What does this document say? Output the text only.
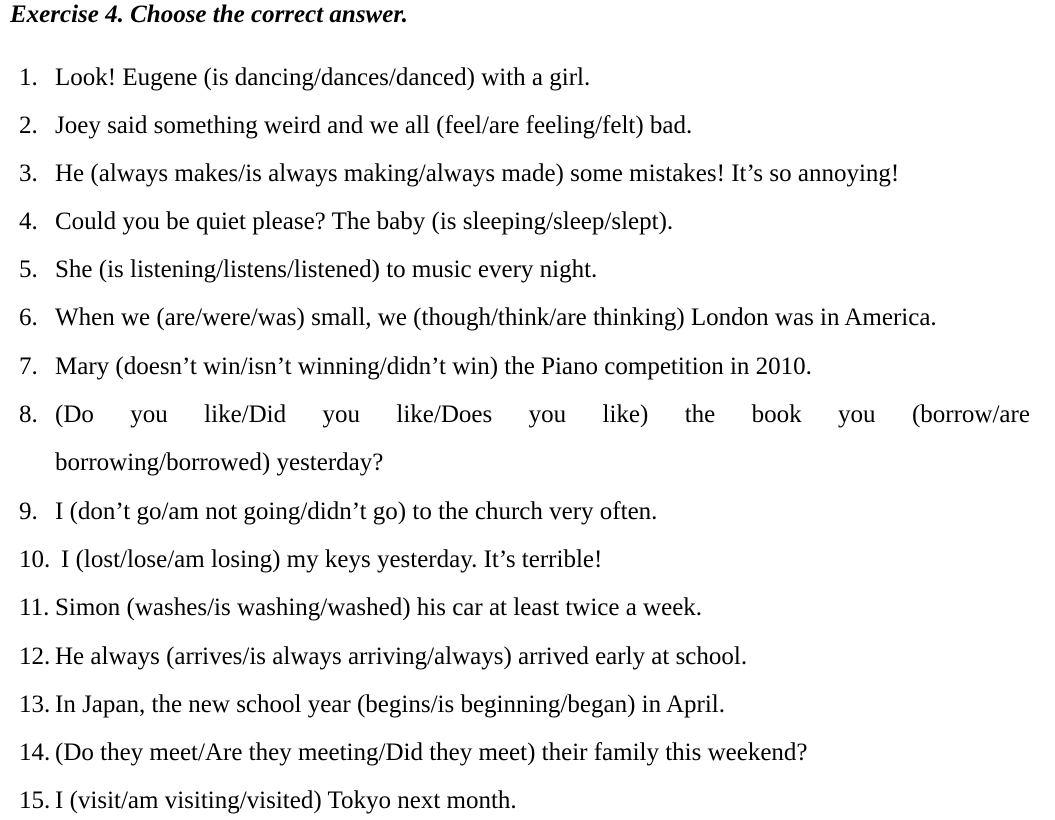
Exercise 4. Choose the correct answer.
1. Look! Eugene (is dancing/dances/danced) with a girl.
2. Joey said something weird and we all (feel/are feeling/felt) bad.
3. He (always makes/is always making/always made) some mistakes! It’s so annoying!
4. Could you be quiet please? The baby (is sleeping/sleep/slept).
5. She (is listening/listens/listened) to music every night.
6. When we (are/were/was) small, we (though/think/are thinking) London was in America.
7. Mary (doesn’t win/isn’t winning/didn’t win) the Piano competition in 2010.
8. (Do you like/Did you like/Does you like) the book you (borrow/are
borrowing/borrowed) yesterday?
9. I (don’t go/am not going/didn’t go) to the church very often.
10. I (lost/lose/am losing) my keys yesterday. It’s terrible!
11. Simon (washes/is washing/washed) his car at least twice a week.
12. He always (arrives/is always arriving/always) arrived early at school.
13. In Japan, the new school year (begins/is beginning/began) in April.
14. (Do they meet/Are they meeting/Did they meet) their family this weekend?
15. I (visit/am visiting/visited) Tokyo next month.
